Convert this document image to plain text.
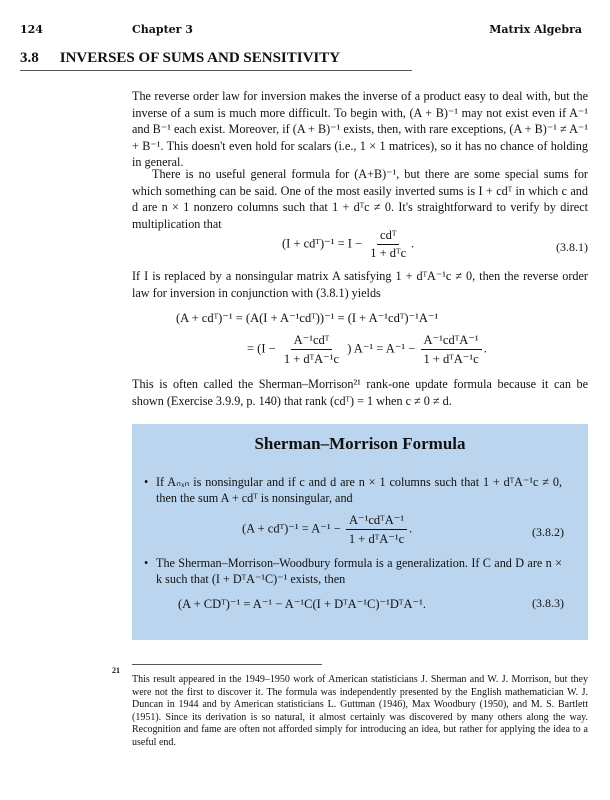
124	Chapter 3	Matrix Algebra
3.8 INVERSES OF SUMS AND SENSITIVITY
The reverse order law for inversion makes the inverse of a product easy to deal with, but the inverse of a sum is much more difficult. To begin with, (A + B)⁻¹ may not exist even if A⁻¹ and B⁻¹ each exist. Moreover, if (A + B)⁻¹ exists, then, with rare exceptions, (A + B)⁻¹ ≠ A⁻¹ + B⁻¹. This doesn't even hold for scalars (i.e., 1 × 1 matrices), so it has no chance of holding in general.
There is no useful general formula for (A+B)⁻¹, but there are some special sums for which something can be said. One of the most easily inverted sums is I + cdᵀ in which c and d are n × 1 nonzero columns such that 1 + dᵀc ≠ 0. It's straightforward to verify by direct multiplication that
(I + cdᵀ)⁻¹ = $I - \frac{\text{cdᵀ}}{\text{1 + dᵀc}}$ .	(3.8.1)
If I is replaced by a nonsingular matrix A satisfying 1 + dᵀA⁻¹c ≠ 0, then the reverse order law for inversion in conjunction with (3.8.1) yields
(A + cdᵀ)⁻¹ = (A(I + A⁻¹cdᵀ))⁻¹ = (I + A⁻¹cdᵀ)⁻¹A⁻¹
= ($I - \frac{\text{A⁻¹cdᵀ}}{\text{1 + dᵀA⁻¹c}}$ ) $A^{-1} = A^{-1} - \frac{\text{A⁻¹cdᵀA⁻¹}}{\text{1 + dᵀA⁻¹c}}$ .
This is often called the Sherman–Morrison²¹ rank-one update formula because it can be shown (Exercise 3.9.9, p. 140) that rank (cdᵀ) = 1 when c ≠ 0 ≠ d.
Sherman–Morrison Formula
• If Aₙₓₙ is nonsingular and if c and d are n × 1 columns such that 1 + dᵀA⁻¹c ≠ 0, then the sum A + cdᵀ is nonsingular, and
(A + cdᵀ)⁻¹ = $A^{-1} - \frac{\text{A⁻¹cdᵀA⁻¹}}{\text{1 + dᵀA⁻¹c}}$ .	(3.8.2)
• The Sherman–Morrison–Woodbury formula is a generalization. If C and D are n × k such that (I + DᵀA⁻¹C)⁻¹ exists, then
(A + CDᵀ)⁻¹ = A⁻¹ − A⁻¹C(I + DᵀA⁻¹C)⁻¹DᵀA⁻¹.	(3.8.3)
21
This result appeared in the 1949–1950 work of American statisticians J. Sherman and W. J. Morrison, but they were not the first to discover it. The formula was independently presented by the English mathematician W. J. Duncan in 1944 and by American statisticians L. Guttman (1946), Max Woodbury (1950), and M. S. Bartlett (1951). Since its derivation is so natural, it almost certainly was discovered by many others along the way. Recognition and fame are often not afforded simply for introducing an idea, but rather for applying the idea to a useful end.
